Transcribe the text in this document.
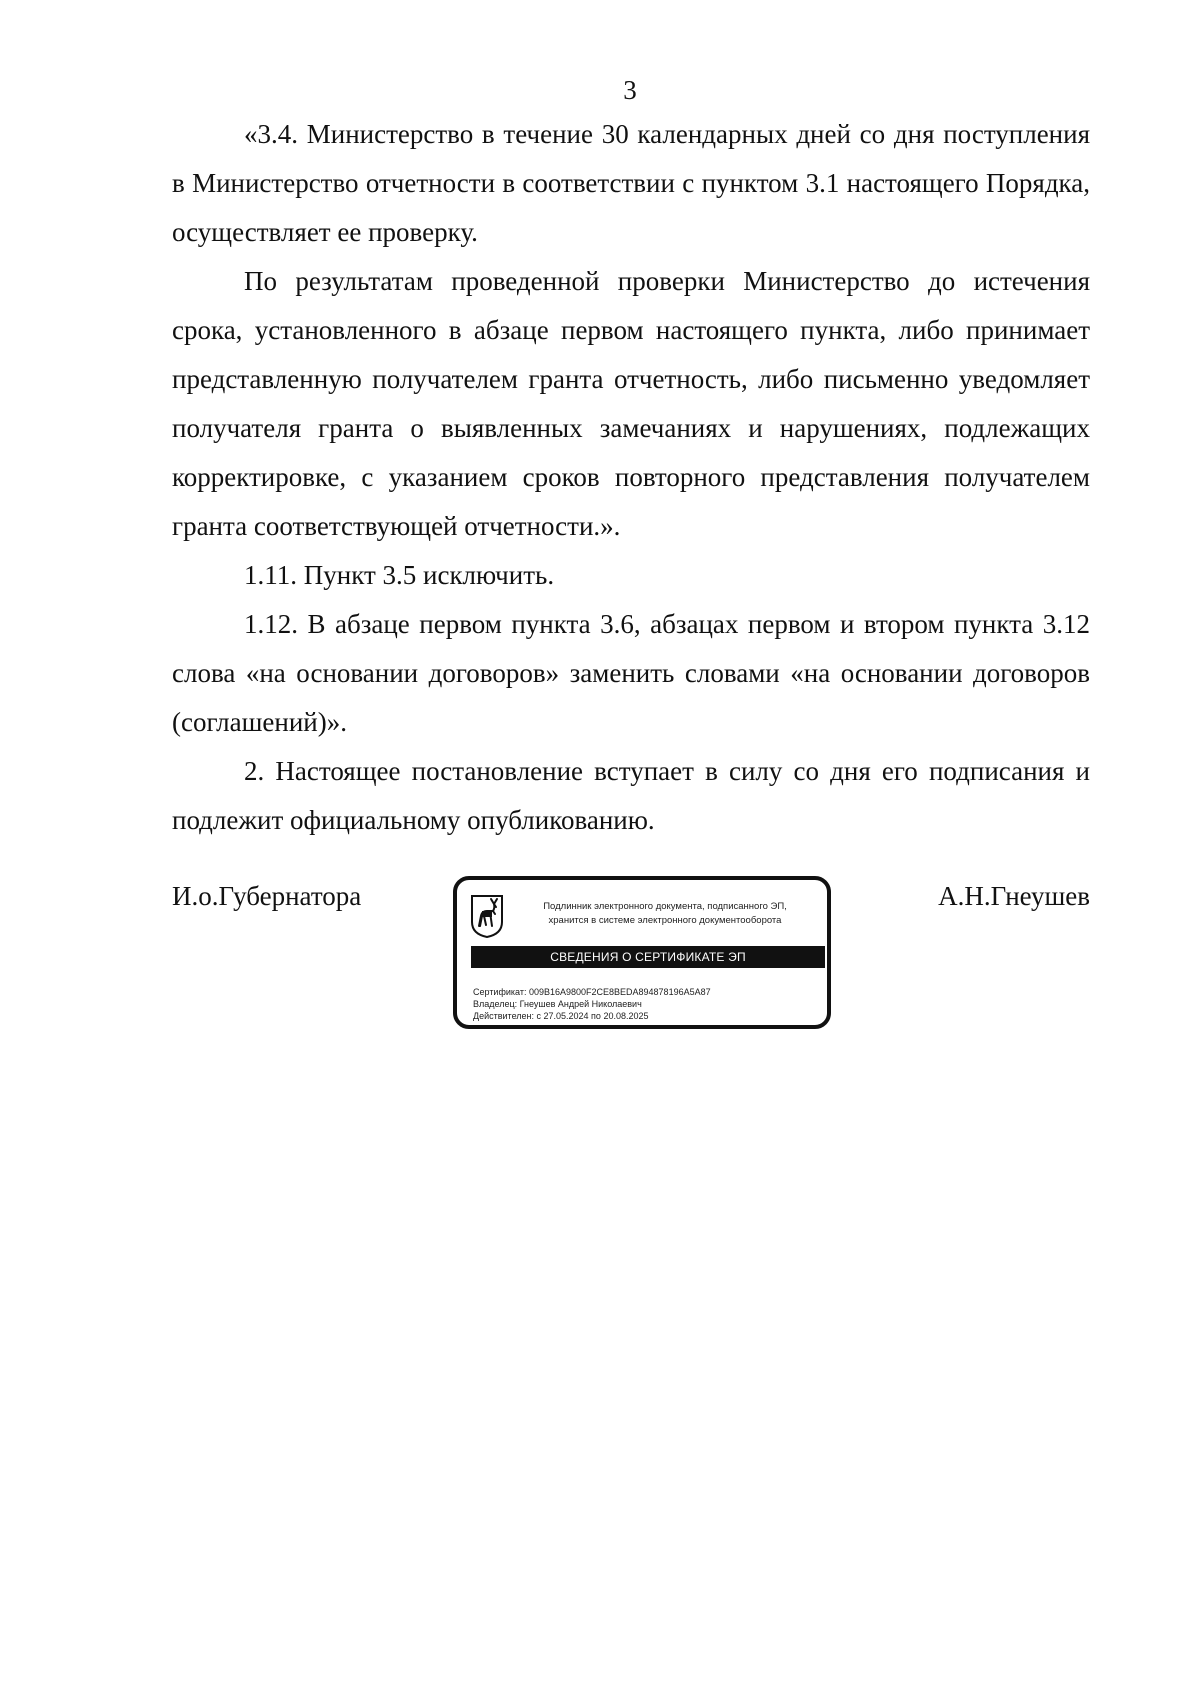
3

«3.4. Министерство в течение 30 календарных дней со дня поступления в Министерство отчетности в соответствии с пунктом 3.1 настоящего Порядка, осуществляет ее проверку.

По результатам проведенной проверки Министерство до истечения срока, установленного в абзаце первом настоящего пункта, либо принимает представленную получателем гранта отчетность, либо письменно уведомляет получателя гранта о выявленных замечаниях и нарушениях, подлежащих корректировке, с указанием сроков повторного представления получателем гранта соответствующей отчетности.».

1.11. Пункт 3.5 исключить.

1.12. В абзаце первом пункта 3.6, абзацах первом и втором пункта 3.12 слова «на основании договоров» заменить словами «на основании договоров (соглашений)».

2. Настоящее постановление вступает в силу со дня его подписания и подлежит официальному опубликованию.

И.о.Губернатора	А.Н.Гнеушев
Подлинник электронного документа, подписанного ЭП,
хранится в системе электронного документооборота
СВЕДЕНИЯ О СЕРТИФИКАТЕ ЭП
Сертификат: 009B16A9800F2CE8BEDA894878196A5A87
Владелец: Гнеушев Андрей Николаевич
Действителен: с 27.05.2024 по 20.08.2025
